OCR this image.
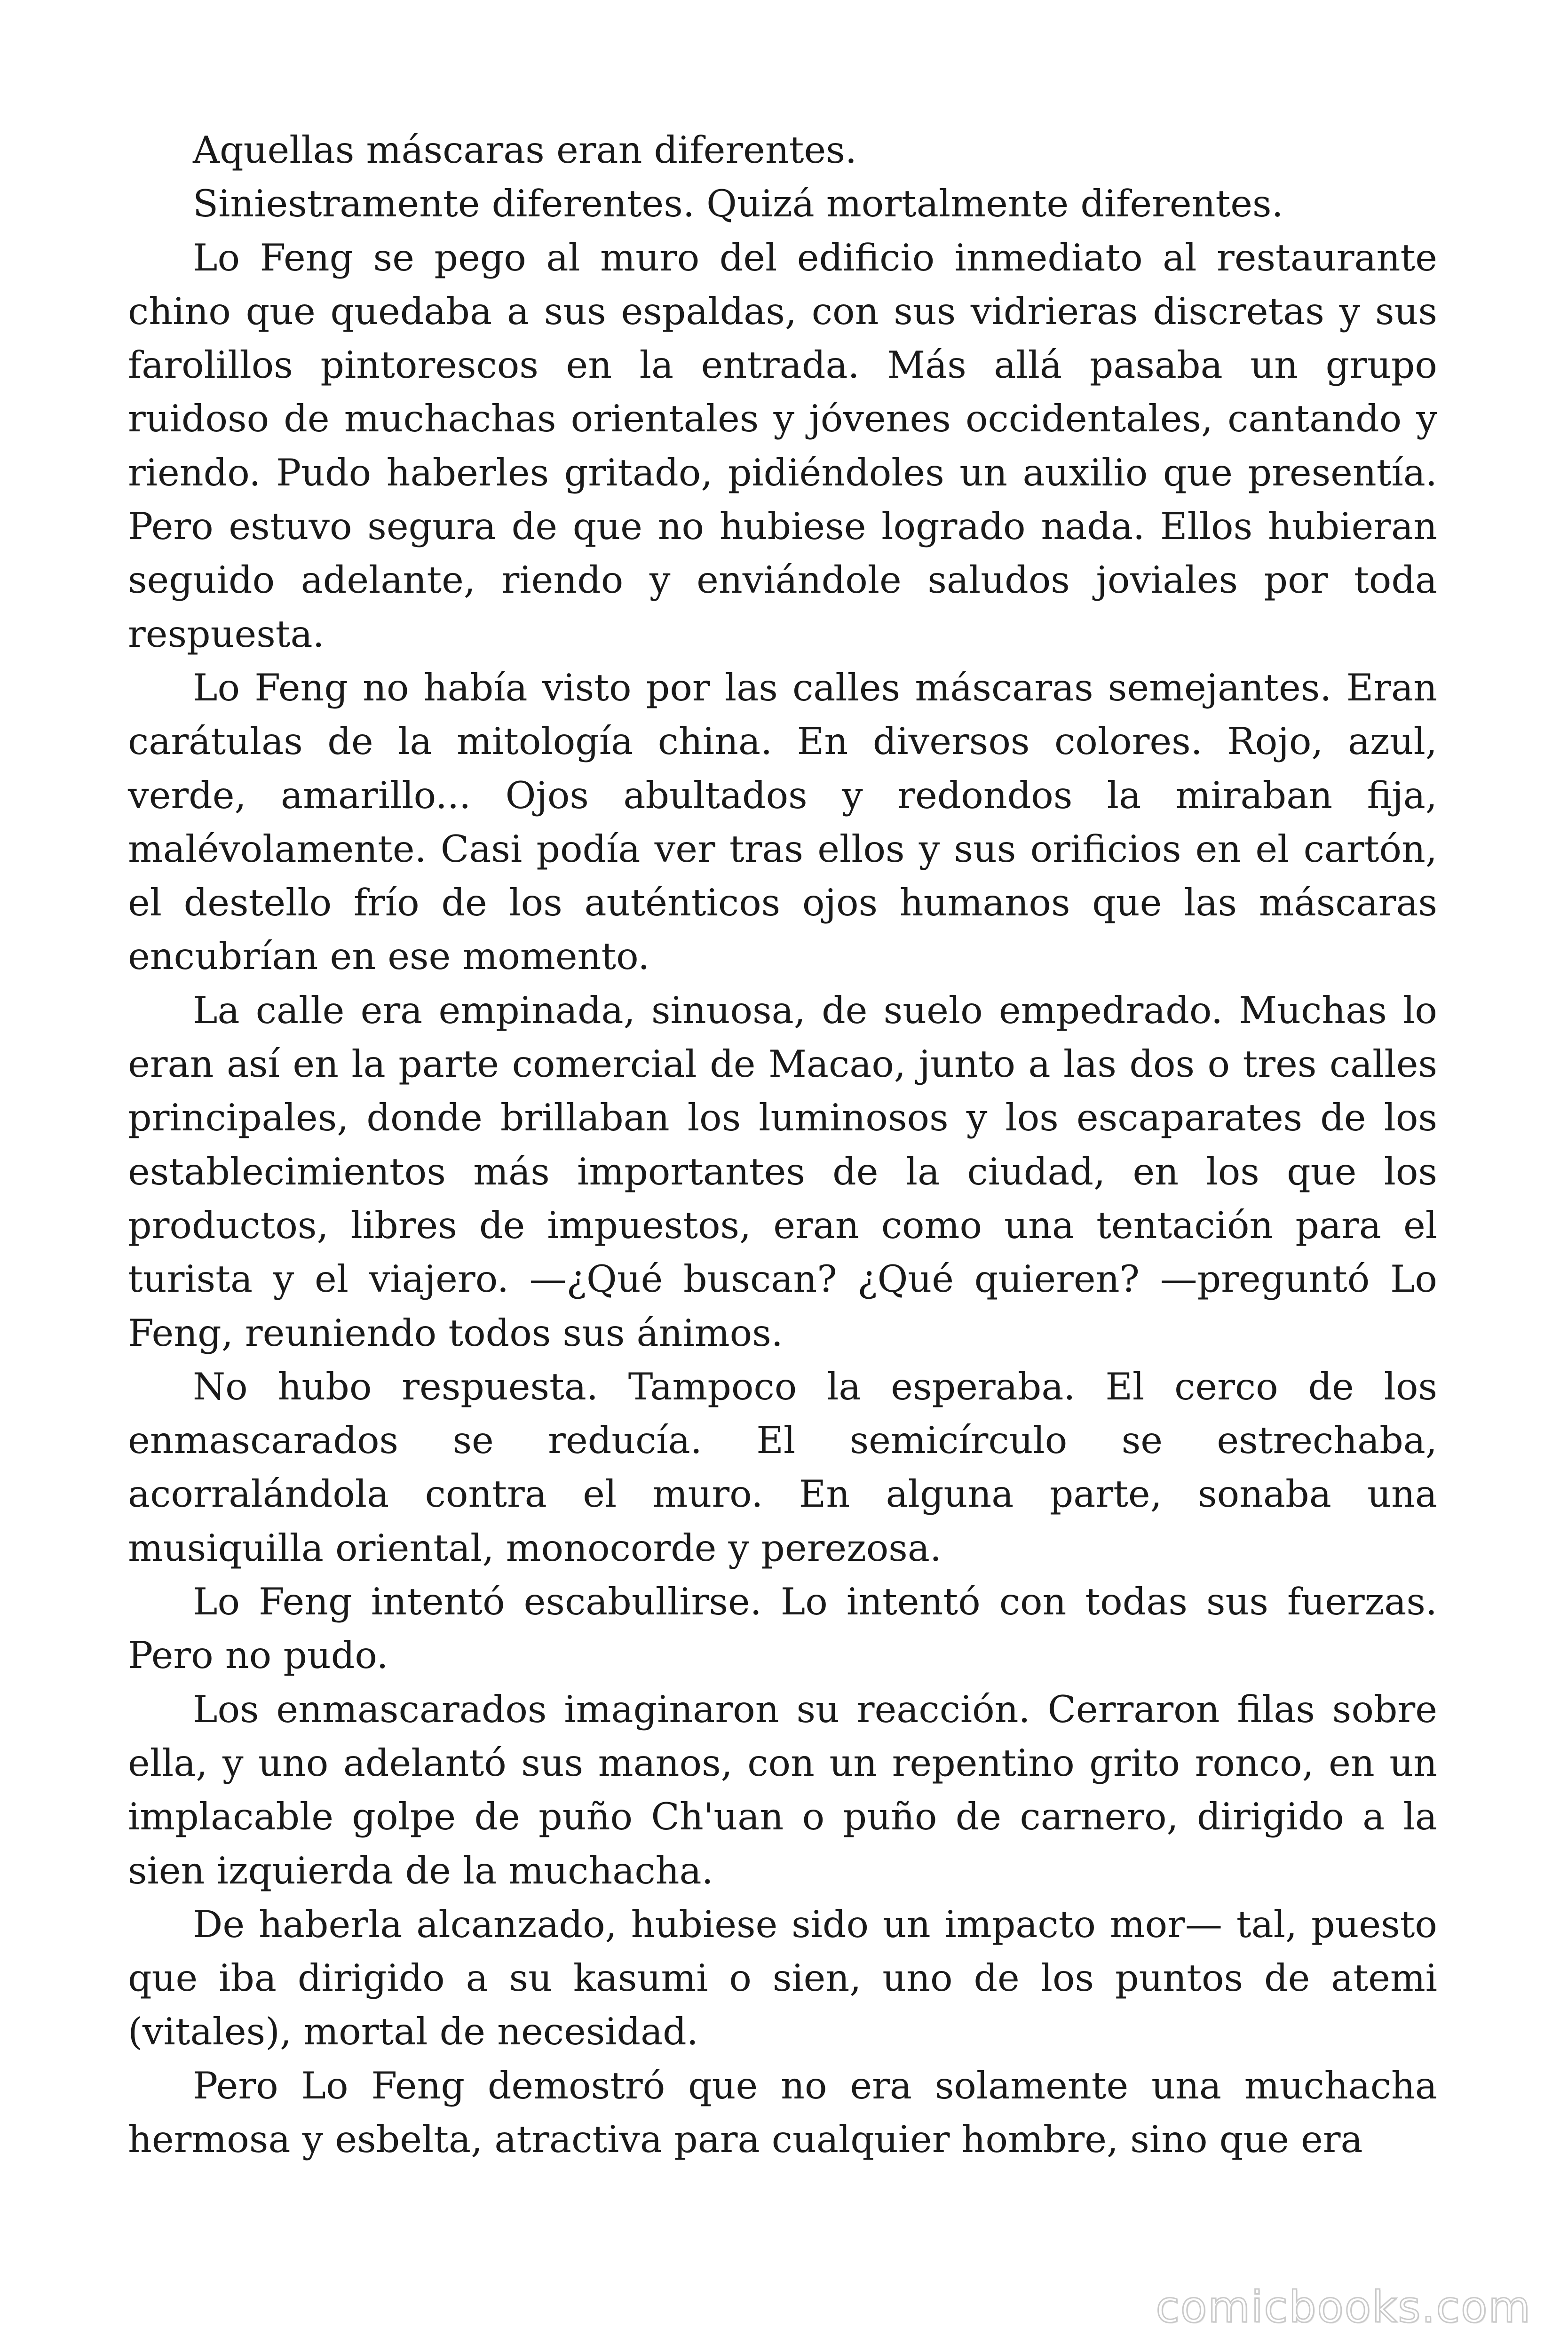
Aquellas máscaras eran diferentes.

Siniestramente diferentes. Quizá mortalmente diferentes.

Lo Feng se pego al muro del edificio inmediato al restaurante chino que quedaba a sus espaldas, con sus vidrieras discretas y sus farolillos pintorescos en la entrada. Más allá pasaba un grupo ruidoso de muchachas orientales y jóvenes occidentales, cantando y riendo. Pudo haberles gritado, pidiéndoles un auxilio que presentía. Pero estuvo segura de que no hubiese logrado nada. Ellos hubieran seguido adelante, riendo y enviándole saludos joviales por toda respuesta.

Lo Feng no había visto por las calles máscaras semejantes. Eran carátulas de la mitología china. En diversos colores. Rojo, azul, verde, amarillo... Ojos abultados y redondos la miraban fija, malévolamente. Casi podía ver tras ellos y sus orificios en el cartón, el destello frío de los auténticos ojos humanos que las máscaras encubrían en ese momento.

La calle era empinada, sinuosa, de suelo empedrado. Muchas lo eran así en la parte comercial de Macao, junto a las dos o tres calles principales, donde brillaban los luminosos y los escaparates de los establecimientos más importantes de la ciudad, en los que los productos, libres de impuestos, eran como una tentación para el turista y el viajero. —¿Qué buscan? ¿Qué quieren? —preguntó Lo Feng, reuniendo todos sus ánimos.

No hubo respuesta. Tampoco la esperaba. El cerco de los enmascarados se reducía. El semicírculo se estrechaba, acorralándola contra el muro. En alguna parte, sonaba una musiquilla oriental, monocorde y perezosa.

Lo Feng intentó escabullirse. Lo intentó con todas sus fuerzas. Pero no pudo.

Los enmascarados imaginaron su reacción. Cerraron filas sobre ella, y uno adelantó sus manos, con un repentino grito ronco, en un implacable golpe de puño Ch'uan o puño de carnero, dirigido a la sien izquierda de la muchacha.

De haberla alcanzado, hubiese sido un impacto mor— tal, puesto que iba dirigido a su kasumi o sien, uno de los puntos de atemi (vitales), mortal de necesidad.

Pero Lo Feng demostró que no era solamente una muchacha hermosa y esbelta, atractiva para cualquier hombre, sino que era

comicbooks.com
